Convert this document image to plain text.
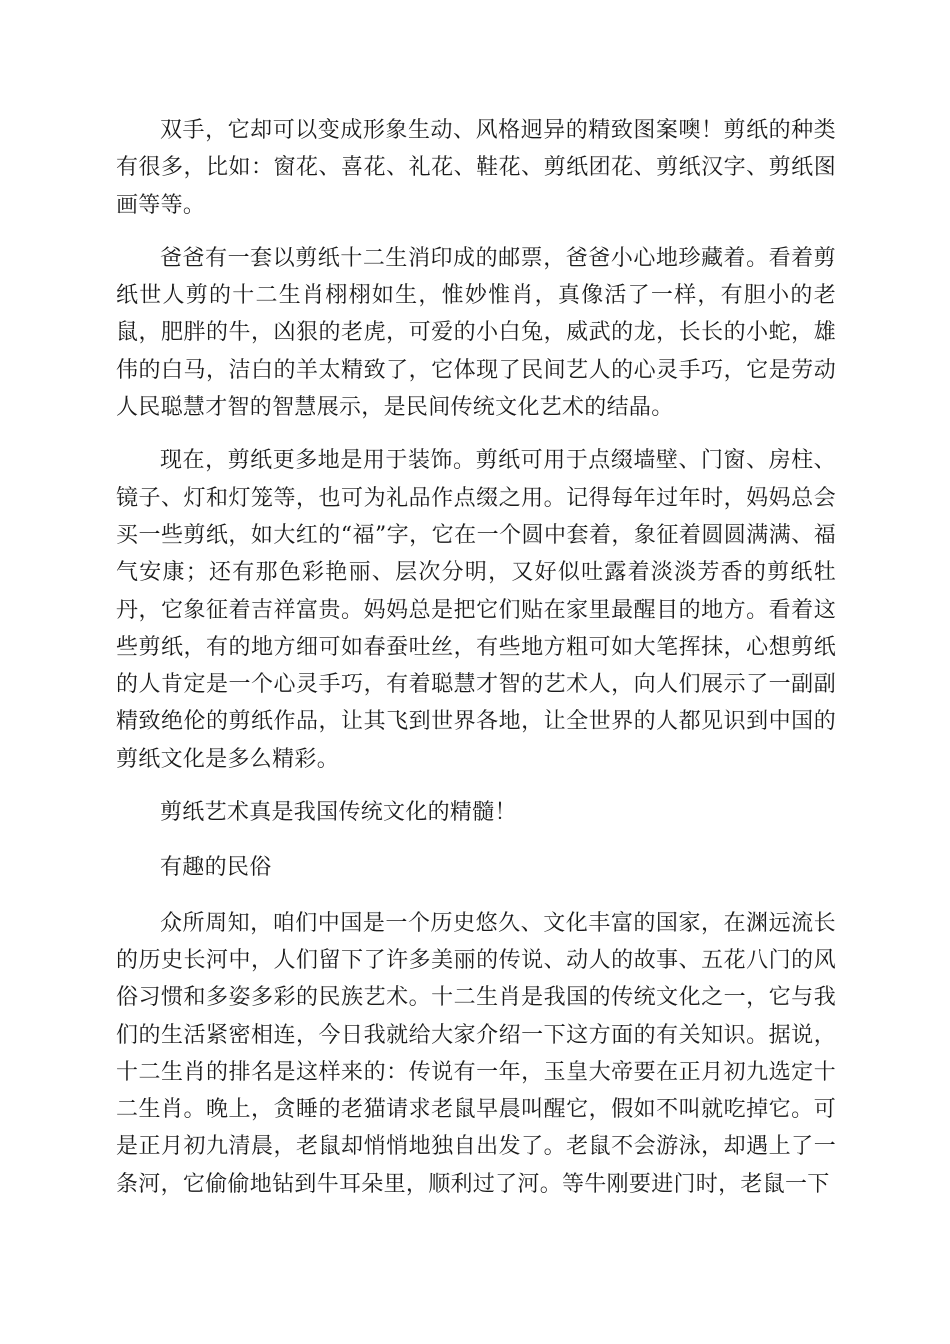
双手，它却可以变成形象生动、风格迥异的精致图案噢！剪纸的种类有很多，比如：窗花、喜花、礼花、鞋花、剪纸团花、剪纸汉字、剪纸图画等等。

爸爸有一套以剪纸十二生消印成的邮票，爸爸小心地珍藏着。看着剪纸世人剪的十二生肖栩栩如生，惟妙惟肖，真像活了一样，有胆小的老鼠，肥胖的牛，凶狠的老虎，可爱的小白兔，威武的龙，长长的小蛇，雄伟的白马，洁白的羊太精致了，它体现了民间艺人的心灵手巧，它是劳动人民聪慧才智的智慧展示，是民间传统文化艺术的结晶。

现在，剪纸更多地是用于装饰。剪纸可用于点缀墙壁、门窗、房柱、镜子、灯和灯笼等，也可为礼品作点缀之用。记得每年过年时，妈妈总会买一些剪纸，如大红的“福”字，它在一个圆中套着，象征着圆圆满满、福气安康；还有那色彩艳丽、层次分明，又好似吐露着淡淡芳香的剪纸牡丹，它象征着吉祥富贵。妈妈总是把它们贴在家里最醒目的地方。看着这些剪纸，有的地方细可如春蚕吐丝，有些地方粗可如大笔挥抹，心想剪纸的人肯定是一个心灵手巧，有着聪慧才智的艺术人，向人们展示了一副副精致绝伦的剪纸作品，让其飞到世界各地，让全世界的人都见识到中国的剪纸文化是多么精彩。

剪纸艺术真是我国传统文化的精髓！

有趣的民俗

众所周知，咱们中国是一个历史悠久、文化丰富的国家，在渊远流长的历史长河中，人们留下了许多美丽的传说、动人的故事、五花八门的风俗习惯和多姿多彩的民族艺术。十二生肖是我国的传统文化之一，它与我们的生活紧密相连，今日我就给大家介绍一下这方面的有关知识。据说，十二生肖的排名是这样来的：传说有一年，玉皇大帝要在正月初九选定十二生肖。晚上，贪睡的老猫请求老鼠早晨叫醒它，假如不叫就吃掉它。可是正月初九清晨，老鼠却悄悄地独自出发了。老鼠不会游泳，却遇上了一条河，它偷偷地钻到牛耳朵里，顺利过了河。等牛刚要进门时，老鼠一下
